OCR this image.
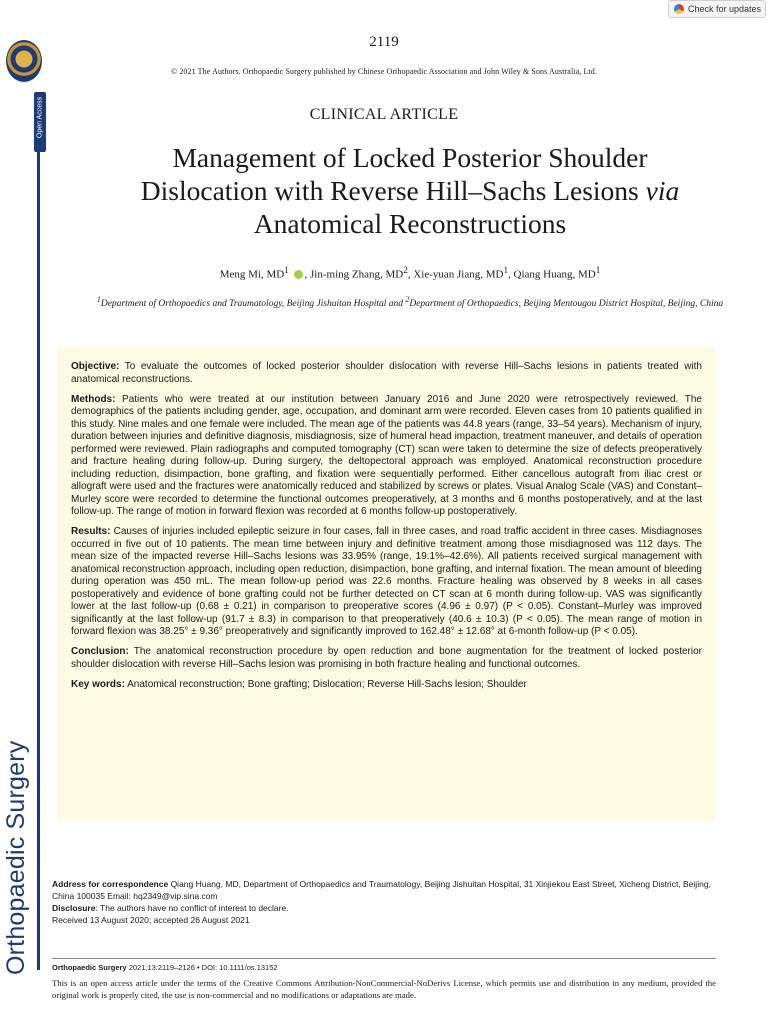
Check for updates
Open Access
Orthopaedic Surgery
2119
© 2021 The Authors. Orthopaedic Surgery published by Chinese Orthopaedic Association and John Wiley & Sons Australia, Ltd.
CLINICAL ARTICLE
Management of Locked Posterior Shoulder
Dislocation with Reverse Hill–Sachs Lesions via
Anatomical Reconstructions
Meng Mi, $MD^1$ , Jin-ming Zhang, $MD^2$, Xie-yuan Jiang, $MD^1$, Qiang Huang, $MD^1$
$^1$Department of Orthopaedics and Traumatology, Beijing Jishuitan Hospital and $^2$Department of Orthopaedics, Beijing Mentougou District Hospital, Beijing, China

Objective: To evaluate the outcomes of locked posterior shoulder dislocation with reverse Hill–Sachs lesions in patients treated with anatomical reconstructions.

Methods: Patients who were treated at our institution between January 2016 and June 2020 were retrospectively reviewed. The demographics of the patients including gender, age, occupation, and dominant arm were recorded. Eleven cases from 10 patients qualified in this study. Nine males and one female were included. The mean age of the patients was 44.8 years (range, 33–54 years). Mechanism of injury, duration between injuries and definitive diagnosis, misdiagnosis, size of humeral head impaction, treatment maneuver, and details of operation performed were reviewed. Plain radiographs and computed tomography (CT) scan were taken to determine the size of defects preoperatively and fracture healing during follow-up. During surgery, the deltopectoral approach was employed. Anatomical reconstruction procedure including reduction, disimpaction, bone grafting, and fixation were sequentially performed. Either cancellous autograft from iliac crest or allograft were used and the fractures were anatomically reduced and stabilized by screws or plates. Visual Analog Scale (VAS) and Constant–Murley score were recorded to determine the functional outcomes preoperatively, at 3 months and 6 months postoperatively, and at the last follow-up. The range of motion in forward flexion was recorded at 6 months follow-up postoperatively.

Results: Causes of injuries included epileptic seizure in four cases, fall in three cases, and road traffic accident in three cases. Misdiagnoses occurred in five out of 10 patients. The mean time between injury and definitive treatment among those misdiagnosed was 112 days. The mean size of the impacted reverse Hill–Sachs lesions was 33.95% (range, 19.1%–42.6%). All patients received surgical management with anatomical reconstruction approach, including open reduction, disimpaction, bone grafting, and internal fixation. The mean amount of bleeding during operation was 450 mL. The mean follow-up period was 22.6 months. Fracture healing was observed by 8 weeks in all cases postoperatively and evidence of bone grafting could not be further detected on CT scan at 6 month during follow-up. VAS was significantly lower at the last follow-up (0.68 ± 0.21) in comparison to preoperative scores (4.96 ± 0.97) (P < 0.05). Constant–Murley was improved significantly at the last follow-up (91.7 ± 8.3) in comparison to that preoperatively (40.6 ± 10.3) (P < 0.05). The mean range of motion in forward flexion was 38.25° ± 9.36° preoperatively and significantly improved to 162.48° ± 12.68° at 6-month follow-up (P < 0.05).

Conclusion: The anatomical reconstruction procedure by open reduction and bone augmentation for the treatment of locked posterior shoulder dislocation with reverse Hill–Sachs lesion was promising in both fracture healing and functional outcomes.

Key words: Anatomical reconstruction; Bone grafting; Dislocation; Reverse Hill-Sachs lesion; Shoulder

Address for correspondence Qiang Huang, MD, Department of Orthopaedics and Traumatology, Beijing Jishuitan Hospital, 31 Xinjiekou East Street, Xicheng District, Beijing, China 100035 Email: hq2349@vip.sina.com
Disclosure: The authors have no conflict of interest to declare.
Received 13 August 2020; accepted 26 August 2021
Orthopaedic Surgery 2021;13:2119–2126 • DOI: 10.1111/os.13152
This is an open access article under the terms of the Creative Commons Attribution-NonCommercial-NoDerivs License, which permits use and distribution in any medium, provided the original work is properly cited, the use is non-commercial and no modifications or adaptations are made.
